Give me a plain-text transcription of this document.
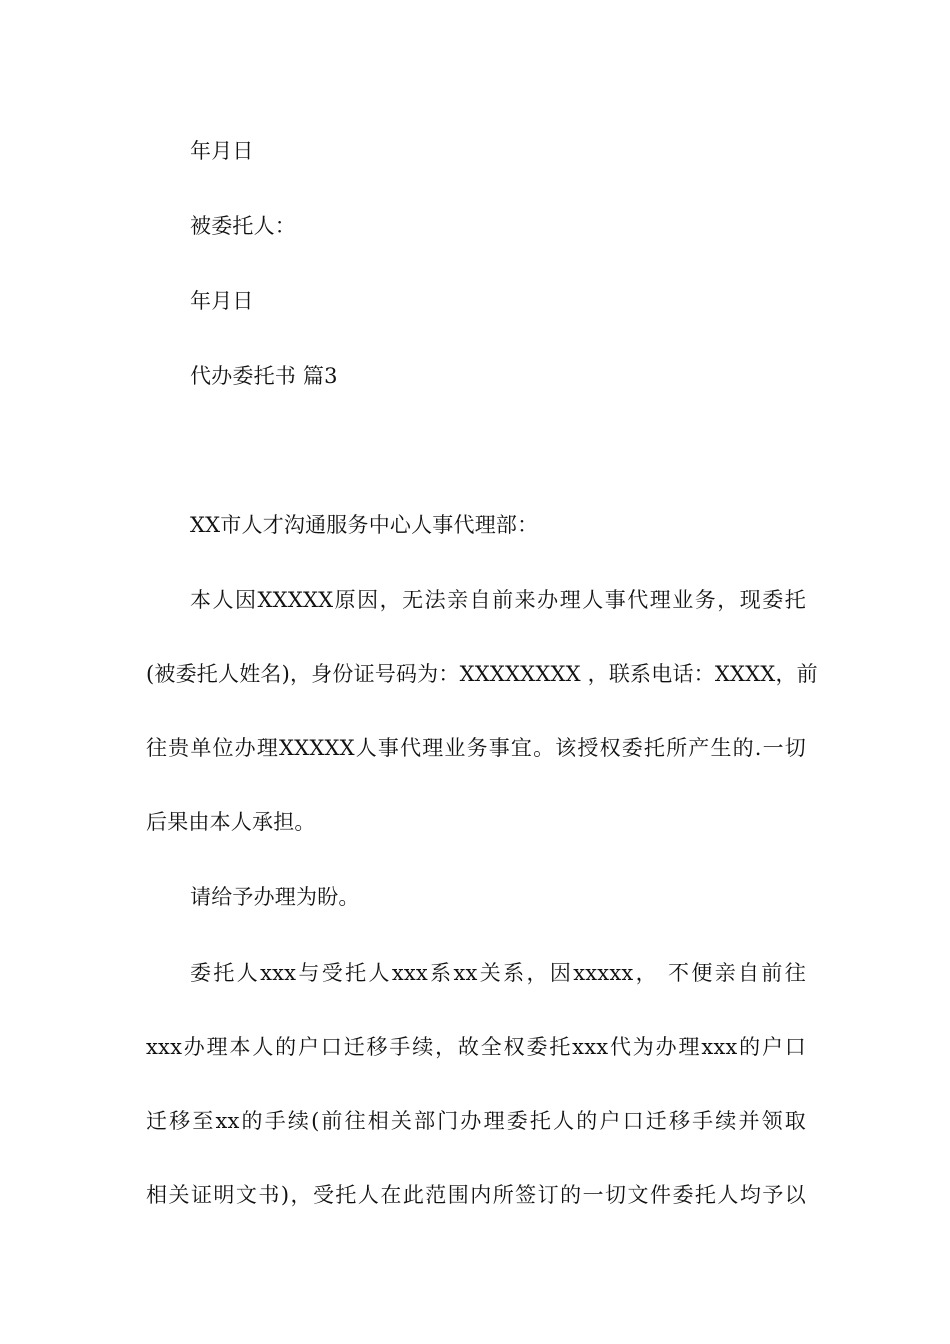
年月日
被委托人：
年月日
代办委托书 篇3
XX市人才沟通服务中心人事代理部：
本人因XXXXX原因，无法亲自前来办理人事代理业务，现委托
(被委托人姓名)，身份证号码为：XXXXXXXX ，联系电话：XXXX，前
往贵单位办理XXXXX人事代理业务事宜。该授权委托所产生的.一切
后果由本人承担。
请给予办理为盼。
委托人xxx与受托人xxx系xx关系，因xxxxx， 不便亲自前往
xxx办理本人的户口迁移手续，故全权委托xxx代为办理xxx的户口
迁移至xx的手续(前往相关部门办理委托人的户口迁移手续并领取
相关证明文书)，受托人在此范围内所签订的一切文件委托人均予以
